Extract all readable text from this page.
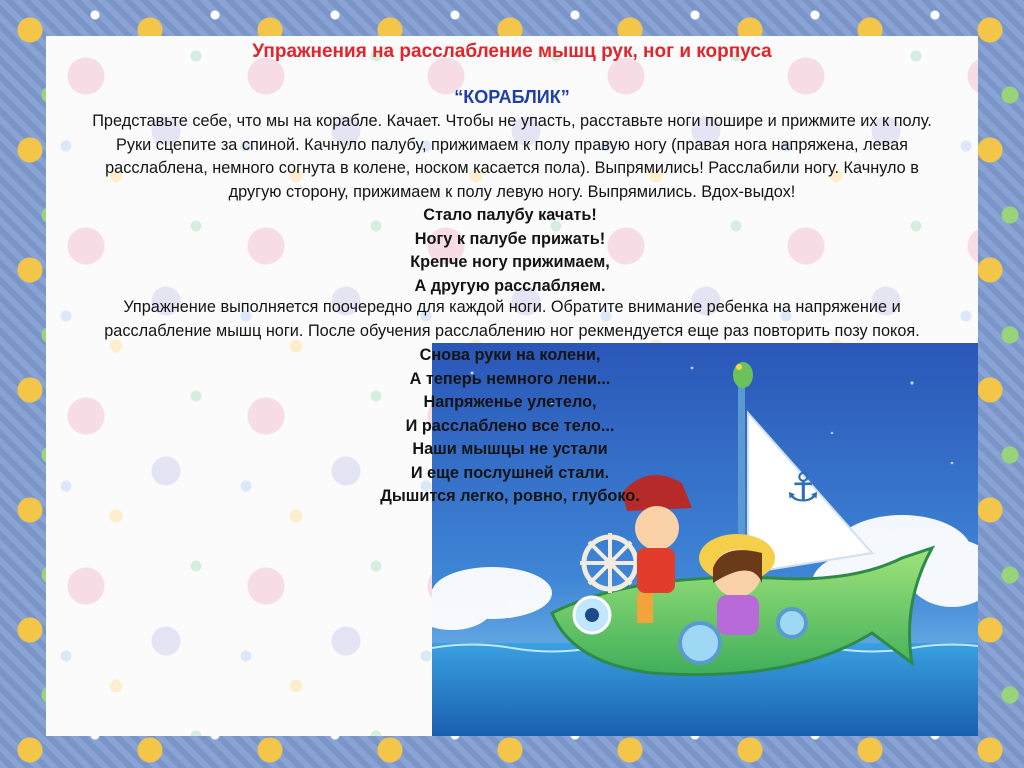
Упражнения на расслабление мышц рук, ног и корпуса
“КОРАБЛИК”
⚓
Представьте себе, что мы на корабле. Качает. Чтобы не упасть, расставьте ноги пошире и прижмите их к полу.
Руки сцепите за спиной. Качнуло палубу, прижимаем к полу правую ногу (правая нога напряжена, левая
расслаблена, немного согнута в колене, носком касается пола). Выпрямились! Расслабили ногу. Качнуло в
другую сторону, прижимаем к полу левую ногу. Выпрямились. Вдох-выдох!
Стало палубу качать!
Ногу к палубе прижать!
Крепче ногу прижимаем,
А другую расслабляем.
Упражнение выполняется поочередно для каждой ноги. Обратите внимание ребенка на напряжение и
расслабление мышц ноги. После обучения расслаблению ног рекмендуется еще раз повторить позу покоя.
Снова руки на колени,
А теперь немного лени...
Напряженье улетело,
И расслаблено все тело...
Наши мышцы не устали
И еще послушней стали.
Дышится легко, ровно, глубоко.
